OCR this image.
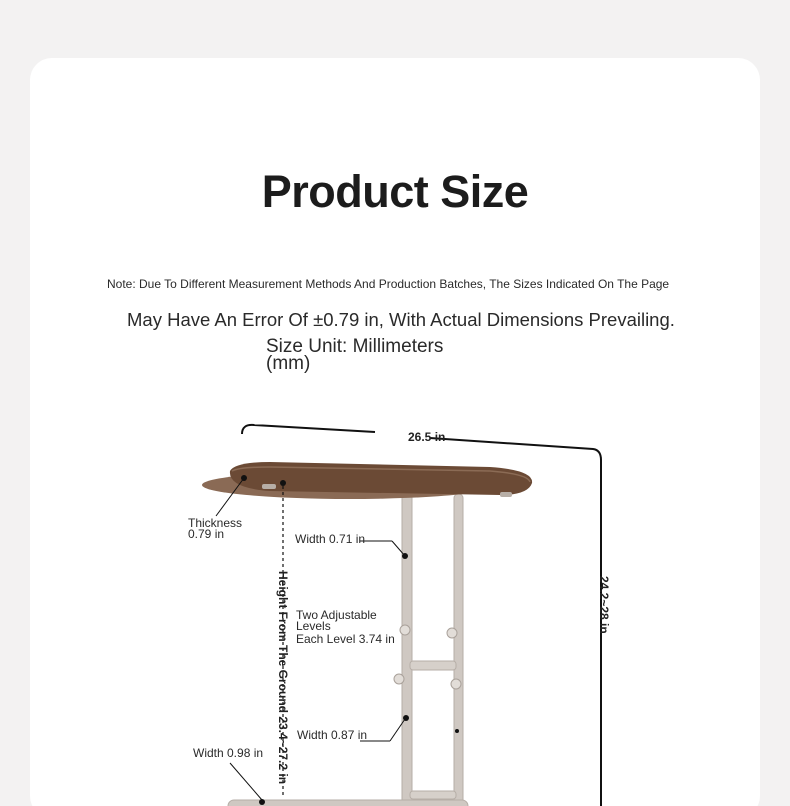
Product Size
Note: Due To Different Measurement Methods And Production Batches, The Sizes Indicated On The Page
May Have An Error Of ±0.79 in, With Actual Dimensions Prevailing.
Size Unit: Millimeters (mm)
26.5 in
24.2~28 in
Thickness
0.79 in	Width 0.71 in
Two Adjustable Levels
Each Level 3.74 in
Width 0.87 in
Width 0.98 in Height From The Ground 23.4~27.2 in
